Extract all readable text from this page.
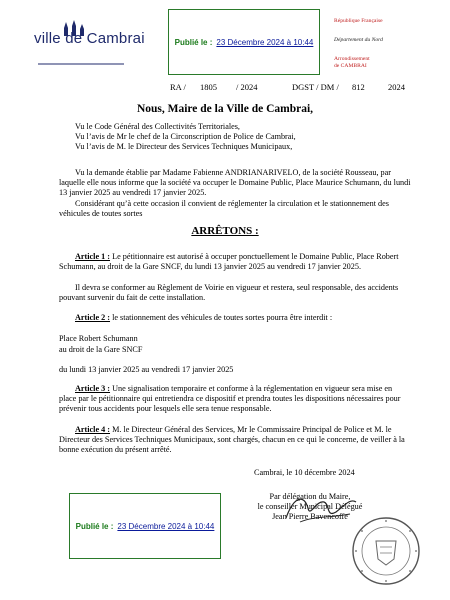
ville de Cambrai	Publié le : 23 Décembre 2024 à 10:44
République Française
Département du Nord
Arrondissement
de CAMBRAI
RA / 1805 / 2024	DGST / DM / 812	2024
Nous, Maire de la Ville de Cambrai,
Vu le Code Général des Collectivités Territoriales,
Vu l’avis de Mr le chef de la Circonscription de Police de Cambrai,
Vu l’avis de M. le Directeur des Services Techniques Municipaux,
Vu la demande établie par Madame Fabienne ANDRIANARIVELO, de la société Rousseau, par laquelle elle nous informe que la société va occuper le Domaine Public, Place Maurice Schumann, du lundi 13 janvier 2025 au vendredi 17 janvier 2025.
Considérant qu’à cette occasion il convient de réglementer la circulation et le stationnement des véhicules de toutes sortes
ARRÊTONS :
Article 1 : Le pétitionnaire est autorisé à occuper ponctuellement le Domaine Public, Place Robert Schumann, au droit de la Gare SNCF, du lundi 13 janvier 2025 au vendredi 17 janvier 2025.
Il devra se conformer au Règlement de Voirie en vigueur et restera, seul responsable, des accidents pouvant survenir du fait de cette installation.
Article 2 : le stationnement des véhicules de toutes sortes pourra être interdit :
Place Robert Schumann
au droit de la Gare SNCF
du lundi 13 janvier 2025 au vendredi 17 janvier 2025
Article 3 : Une signalisation temporaire et conforme à la réglementation en vigueur sera mise en place par le pétitionnaire qui entretiendra ce dispositif et prendra toutes les dispositions nécessaires pour prévenir tous accidents pour lesquels elle sera tenue responsable.
Article 4 : M. le Directeur Général des Services, Mr le Commissaire Principal de Police et M. le Directeur des Services Techniques Municipaux, sont chargés, chacun en ce qui le concerne, de veiller à la bonne exécution du présent arrêté.
Cambrai, le 10 décembre 2024
Par délégation du Maire,
le conseiller Municipal Délégué
Jean Pierre Bavencoffe
Publié le : 23 Décembre 2024 à 10:44
